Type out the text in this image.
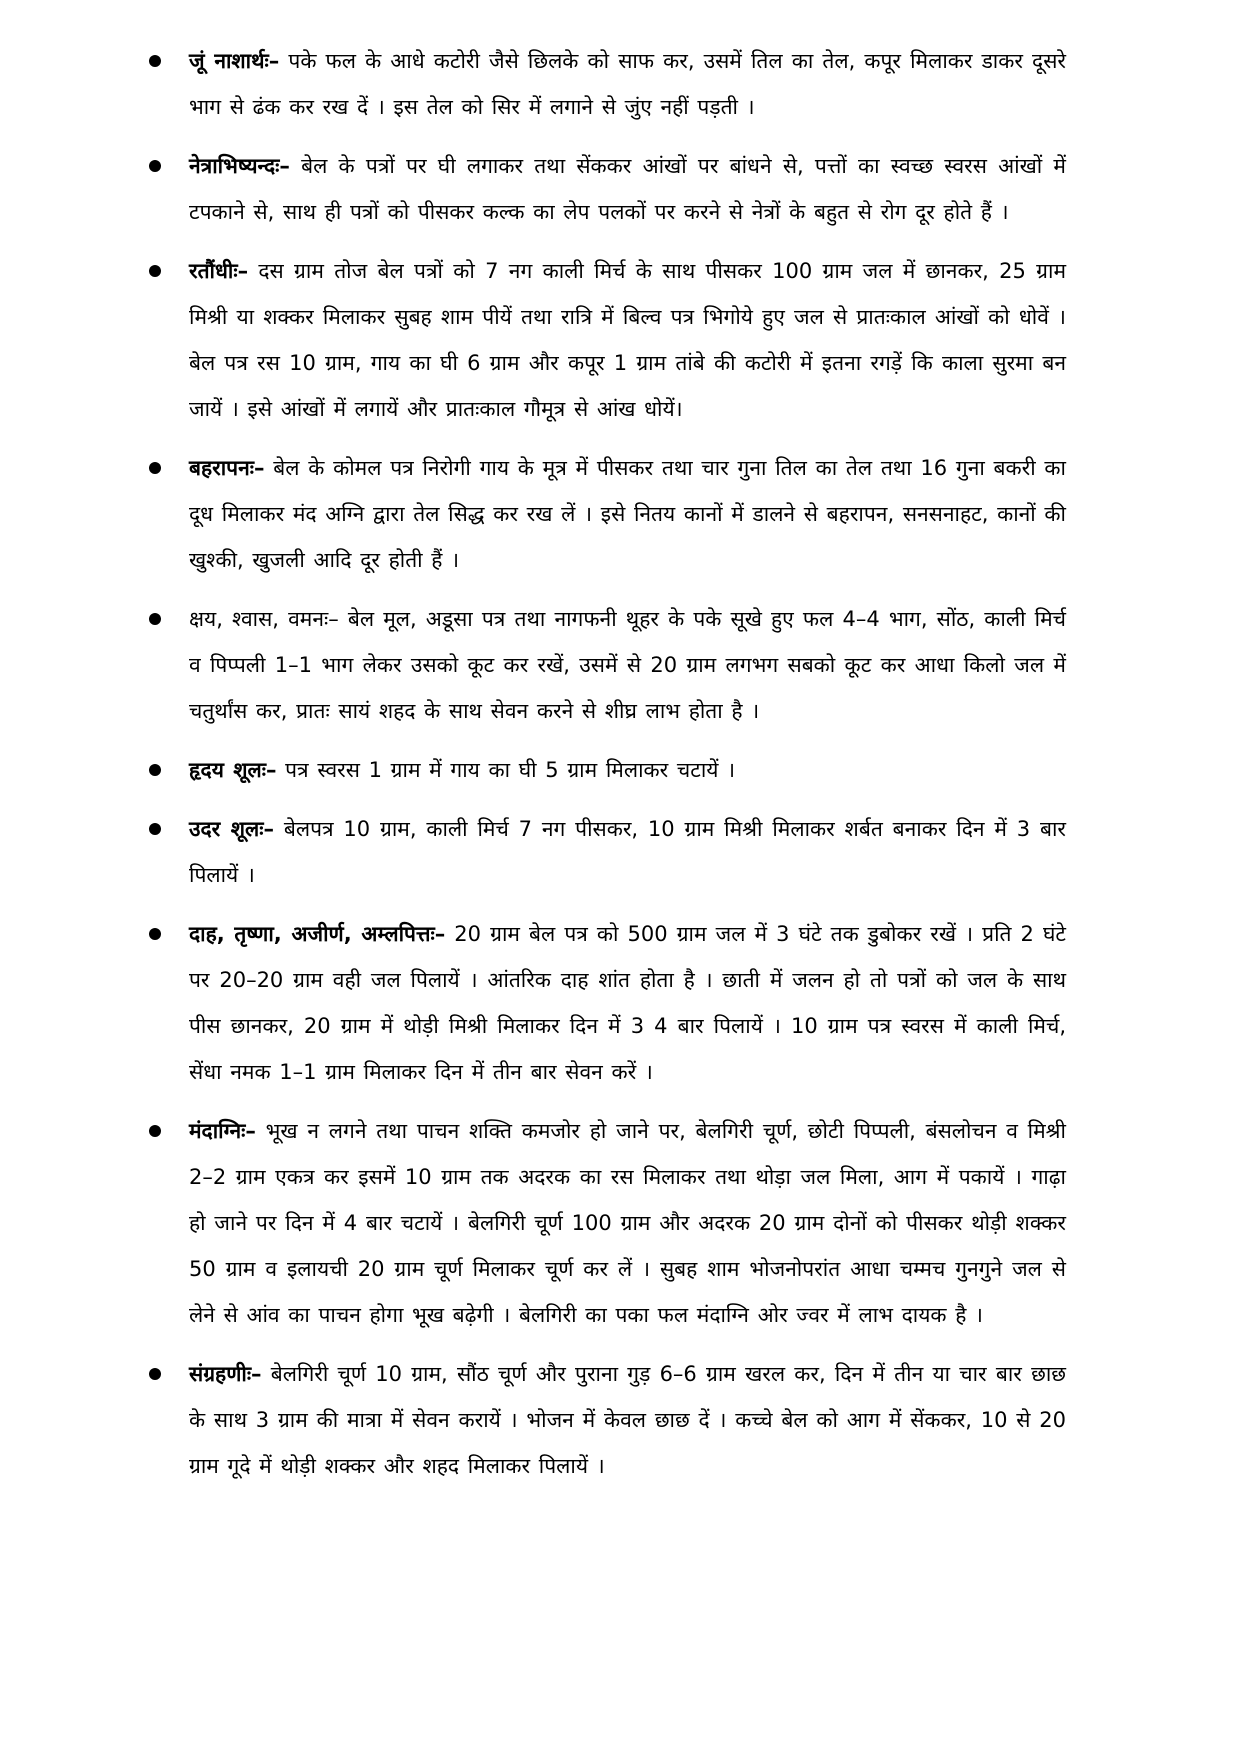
जूं नाशार्थः– पके फल के आधे कटोरी जैसे छिलके को साफ कर, उसमें तिल का तेल, कपूर मिलाकर डाकर दूसरे भाग से ढंक कर रख दें । इस तेल को सिर में लगाने से जुंए नहीं पड़ती ।
नेत्राभिष्यन्दः– बेल के पत्रों पर घी लगाकर तथा सेंककर आंखों पर बांधने से, पत्तों का स्वच्छ स्वरस आंखों में टपकाने से, साथ ही पत्रों को पीसकर कल्क का लेप पलकों पर करने से नेत्रों के बहुत से रोग दूर होते हैं ।
रतौंधीः– दस ग्राम तोज बेल पत्रों को 7 नग काली मिर्च के साथ पीसकर 100 ग्राम जल में छानकर, 25 ग्राम मिश्री या शक्कर मिलाकर सुबह शाम पीयें तथा रात्रि में बिल्व पत्र भिगोये हुए जल से प्रातःकाल आंखों को धोवें । बेल पत्र रस 10 ग्राम, गाय का घी 6 ग्राम और कपूर 1 ग्राम तांबे की कटोरी में इतना रगड़ें कि काला सुरमा बन जायें । इसे आंखों में लगायें और प्रातःकाल गौमूत्र से आंख धोयें।
बहरापनः– बेल के कोमल पत्र निरोगी गाय के मूत्र में पीसकर तथा चार गुना तिल का तेल तथा 16 गुना बकरी का दूध मिलाकर मंद अग्नि द्वारा तेल सिद्ध कर रख लें । इसे नितय कानों में डालने से बहरापन, सनसनाहट, कानों की खुश्की, खुजली आदि दूर होती हैं ।
क्षय, श्वास, वमनः– बेल मूल, अडूसा पत्र तथा नागफनी थूहर के पके सूखे हुए फल 4–4 भाग, सोंठ, काली मिर्च व पिप्पली 1–1 भाग लेकर उसको कूट कर रखें, उसमें से 20 ग्राम लगभग सबको कूट कर आधा किलो जल में चतुर्थांस कर, प्रातः सायं शहद के साथ सेवन करने से शीघ्र लाभ होता है ।
हृदय शूलः– पत्र स्वरस 1 ग्राम में गाय का घी 5 ग्राम मिलाकर चटायें ।
उदर शूलः– बेलपत्र 10 ग्राम, काली मिर्च 7 नग पीसकर, 10 ग्राम मिश्री मिलाकर शर्बत बनाकर दिन में 3 बार पिलायें ।
दाह, तृष्णा, अजीर्ण, अम्लपित्तः– 20 ग्राम बेल पत्र को 500 ग्राम जल में 3 घंटे तक डुबोकर रखें । प्रति 2 घंटे पर 20–20 ग्राम वही जल पिलायें । आंतरिक दाह शांत होता है । छाती में जलन हो तो पत्रों को जल के साथ पीस छानकर, 20 ग्राम में थोड़ी मिश्री मिलाकर दिन में 3 4 बार पिलायें । 10 ग्राम पत्र स्वरस में काली मिर्च, सेंधा नमक 1–1 ग्राम मिलाकर दिन में तीन बार सेवन करें ।
मंदाग्निः– भूख न लगने तथा पाचन शक्ति कमजोर हो जाने पर, बेलगिरी चूर्ण, छोटी पिप्पली, बंसलोचन व मिश्री 2–2 ग्राम एकत्र कर इसमें 10 ग्राम तक अदरक का रस मिलाकर तथा थोड़ा जल मिला, आग में पकायें । गाढ़ा हो जाने पर दिन में 4 बार चटायें । बेलगिरी चूर्ण 100 ग्राम और अदरक 20 ग्राम दोनों को पीसकर थोड़ी शक्कर 50 ग्राम व इलायची 20 ग्राम चूर्ण मिलाकर चूर्ण कर लें । सुबह शाम भोजनोपरांत आधा चम्मच गुनगुने जल से लेने से आंव का पाचन होगा भूख बढ़ेगी । बेलगिरी का पका फल मंदाग्नि ओर ज्वर में लाभ दायक है ।
संग्रहणीः– बेलगिरी चूर्ण 10 ग्राम, सौंठ चूर्ण और पुराना गुड़ 6–6 ग्राम खरल कर, दिन में तीन या चार बार छाछ के साथ 3 ग्राम की मात्रा में सेवन करायें । भोजन में केवल छाछ दें । कच्चे बेल को आग में सेंककर, 10 से 20 ग्राम गूदे में थोड़ी शक्कर और शहद मिलाकर पिलायें ।
